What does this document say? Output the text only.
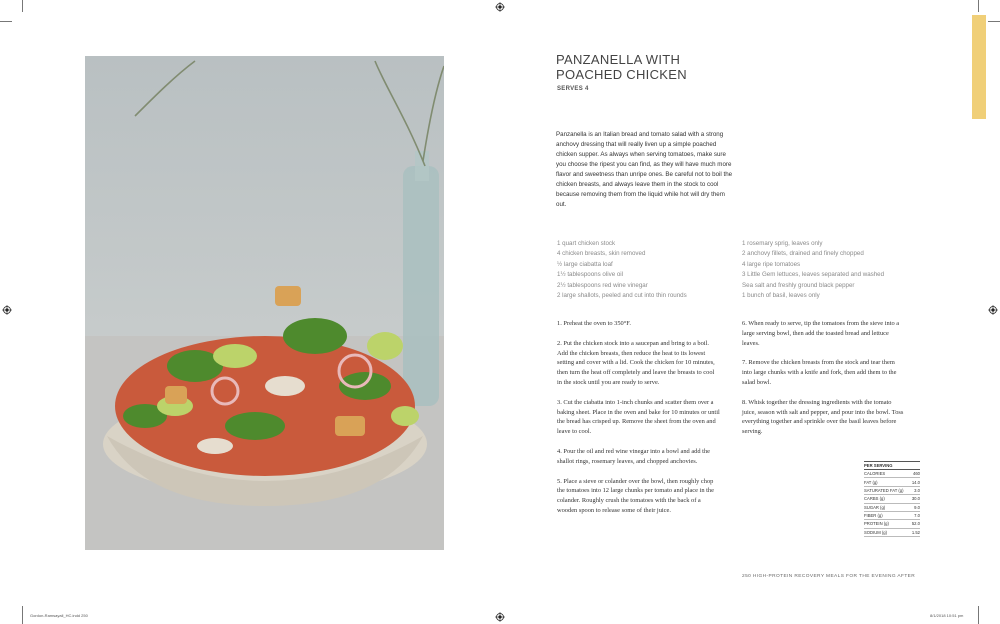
PANZANELLA WITH
POACHED CHICKEN
SERVES 4
Panzanella is an Italian bread and tomato salad with a strong anchovy dressing that will really liven up a simple poached chicken supper. As always when serving tomatoes, make sure you choose the ripest you can find, as they will have much more flavor and sweetness than unripe ones. Be careful not to boil the chicken breasts, and always leave them in the stock to cool because removing them from the liquid while hot will dry them out.
1 quart chicken stock
4 chicken breasts, skin removed
½ large ciabatta loaf
1½ tablespoons olive oil
2½ tablespoons red wine vinegar
2 large shallots, peeled and cut into thin rounds
1 rosemary sprig, leaves only
2 anchovy fillets, drained and finely chopped
4 large ripe tomatoes
3 Little Gem lettuces, leaves separated and washed
Sea salt and freshly ground black pepper
1 bunch of basil, leaves only

1. Preheat the oven to 350°F.

2. Put the chicken stock into a saucepan and bring to a boil. Add the chicken breasts, then reduce the heat to its lowest setting and cover with a lid. Cook the chicken for 10 minutes, then turn the heat off completely and leave the breasts to cool in the stock until you are ready to serve.

3. Cut the ciabatta into 1-inch chunks and scatter them over a baking sheet. Place in the oven and bake for 10 minutes or until the bread has crisped up. Remove the sheet from the oven and leave to cool.

4. Pour the oil and red wine vinegar into a bowl and add the shallot rings, rosemary leaves, and chopped anchovies.

5. Place a sieve or colander over the bowl, then roughly chop the tomatoes into 12 large chunks per tomato and place in the colander. Roughly crush the tomatoes with the back of a wooden spoon to release some of their juice.

6. When ready to serve, tip the tomatoes from the sieve into a large serving bowl, then add the toasted bread and lettuce leaves.

7. Remove the chicken breasts from the stock and tear them into large chunks with a knife and fork, then add them to the salad bowl.

8. Whisk together the dressing ingredients with the tomato juice, season with salt and pepper, and pour into the bowl. Toss everything together and sprinkle over the basil leaves before serving.

PER SERVING	
CALORIES	460
FAT (g)	14.0
SATURATED FAT (g)	3.0
CARBS (g)	30.0
SUGAR (g)	9.0
FIBER (g)	7.0
PROTEIN (g)	52.0
SODIUM (g)	1.52
250 HIGH-PROTEIN RECOVERY MEALS FOR THE EVENING AFTER
Gordon-Ramsayall_HC.indd 250	8/1/2018 10:51 pm
